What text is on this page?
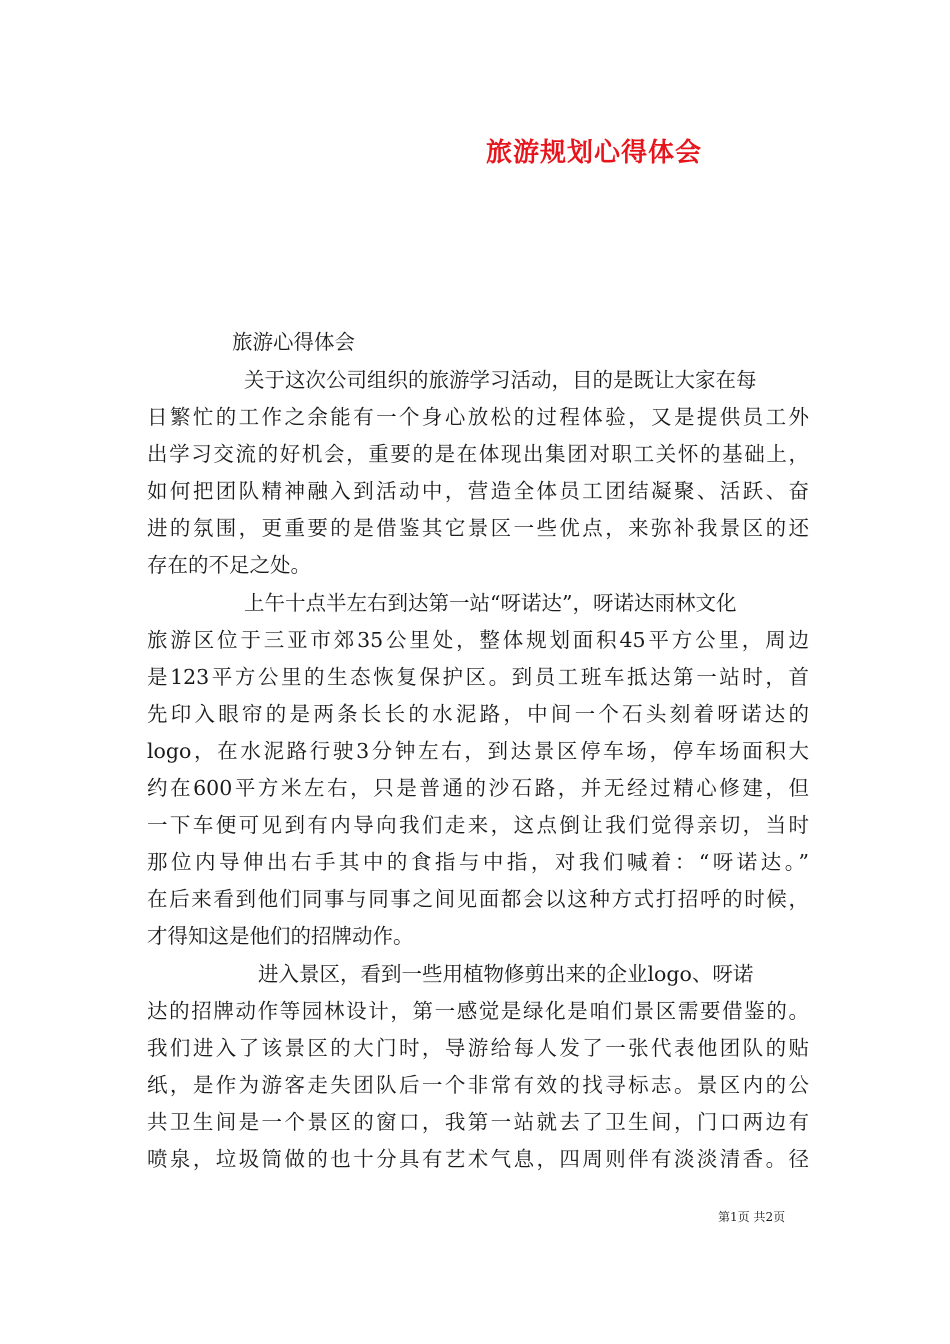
旅游规划心得体会
旅游心得体会
关于这次公司组织的旅游学习活动，目的是既让大家在每
日繁忙的工作之余能有一个身心放松的过程体验，又是提供员工外
出学习交流的好机会，重要的是在体现出集团对职工关怀的基础上，
如何把团队精神融入到活动中，营造全体员工团结凝聚、活跃、奋
进的氛围，更重要的是借鉴其它景区一些优点，来弥补我景区的还
存在的不足之处。
上午十点半左右到达第一站“呀诺达”，呀诺达雨林文化
旅游区位于三亚市郊35公里处，整体规划面积45平方公里，周边
是123平方公里的生态恢复保护区。到员工班车抵达第一站时，首
先印入眼帘的是两条长长的水泥路，中间一个石头刻着呀诺达的
logo，在水泥路行驶3分钟左右，到达景区停车场，停车场面积大
约在600平方米左右，只是普通的沙石路，并无经过精心修建，但
一下车便可见到有内导向我们走来，这点倒让我们觉得亲切，当时
那位内导伸出右手其中的食指与中指，对我们喊着：“呀诺达。”
在后来看到他们同事与同事之间见面都会以这种方式打招呼的时候，
才得知这是他们的招牌动作。
进入景区，看到一些用植物修剪出来的企业logo、呀诺
达的招牌动作等园林设计，第一感觉是绿化是咱们景区需要借鉴的。
我们进入了该景区的大门时，导游给每人发了一张代表他团队的贴
纸，是作为游客走失团队后一个非常有效的找寻标志。景区内的公
共卫生间是一个景区的窗口，我第一站就去了卫生间，门口两边有
喷泉，垃圾筒做的也十分具有艺术气息，四周则伴有淡淡清香。径
第1页 共2页
